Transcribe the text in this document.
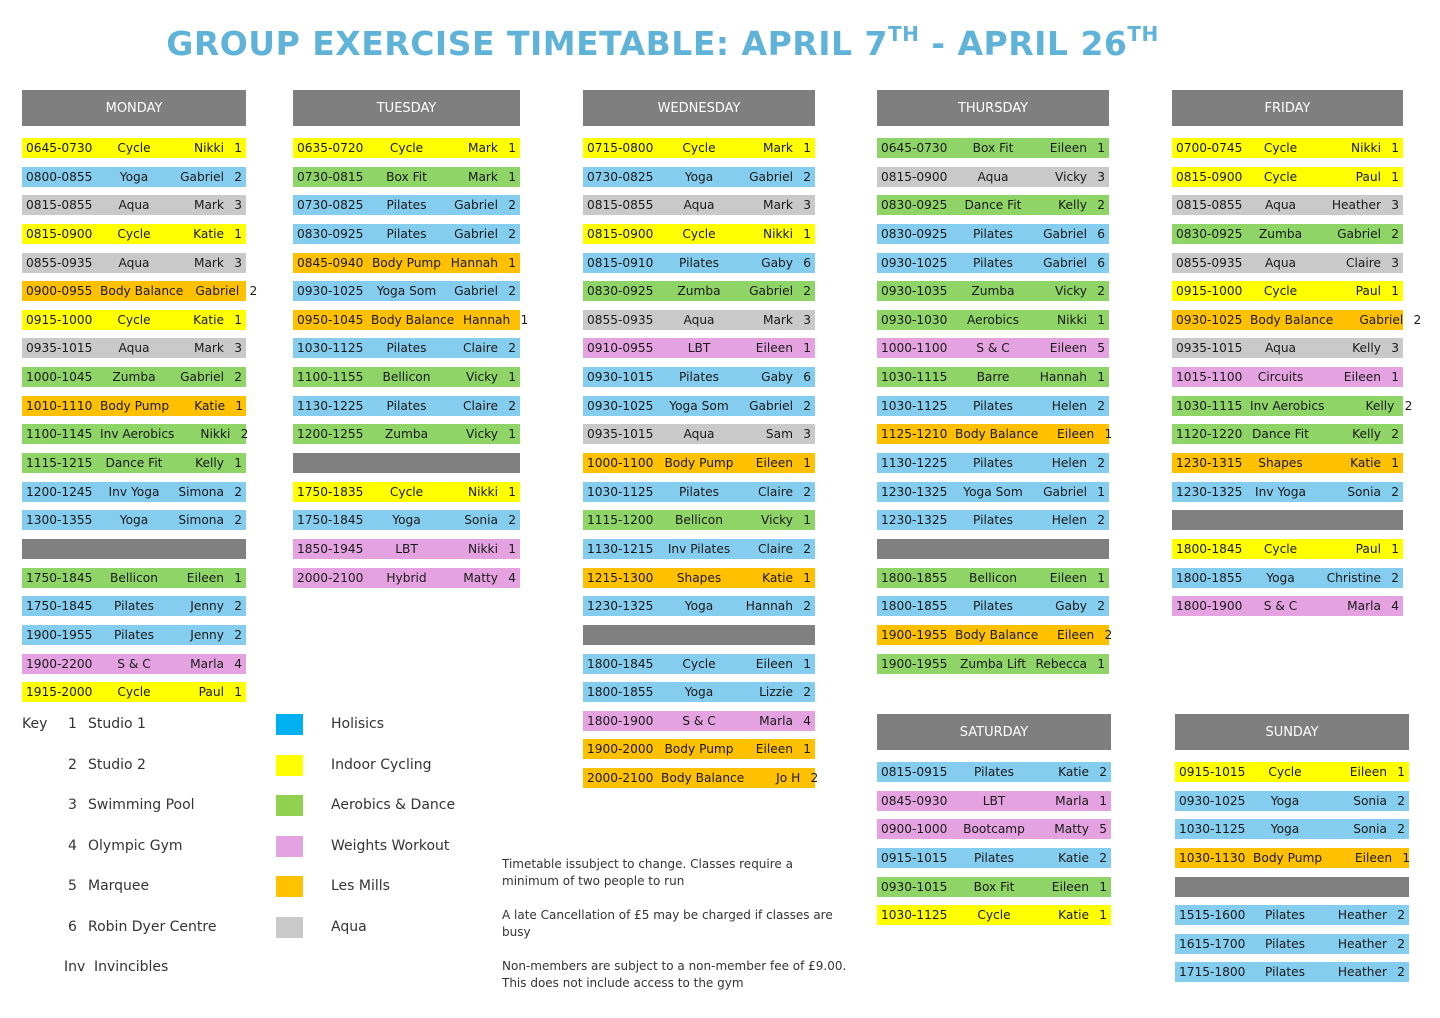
GROUP EXERCISE TIMETABLE: APRIL 7TH - APRIL 26TH
MONDAY
0645-0730	Cycle	Nikki 1
0800-0855	Yoga	Gabriel 2
0815-0855	Aqua	Mark 3
0815-0900	Cycle	Katie 1
0855-0935	Aqua	Mark 3
0900-0955 Body Balance Gabriel 2
0915-1000	Cycle	Katie 1
0935-1015	Aqua	Mark 3
1000-1045	Zumba	Gabriel 2
1010-1110 Body Pump	Katie 1
1100-1145 Inv Aerobics	Nikki 2
1115-1215	Dance Fit	Kelly 1
1200-1245	Inv Yoga	Simona 2
1300-1355	Yoga	Simona 2
1750-1845	Bellicon	Eileen 1
1750-1845	Pilates	Jenny 2
1900-1955	Pilates	Jenny 2
1900-2200	S & C	Marla 4
1915-2000	Cycle	Paul 1
TUESDAY
0635-0720	Cycle	Mark 1
0730-0815	Box Fit	Mark 1
0730-0825	Pilates	Gabriel 2
0830-0925	Pilates	Gabriel 2
0845-0940 Body Pump Hannah 1
0930-1025	Yoga Som	Gabriel 2
0950-1045 Body Balance Hannah 1
1030-1125	Pilates	Claire 2
1100-1155	Bellicon	Vicky 1
1130-1225	Pilates	Claire 2
1200-1255	Zumba	Vicky 1
1750-1835	Cycle	Nikki 1
1750-1845	Yoga	Sonia 2
1850-1945	LBT	Nikki 1
2000-2100	Hybrid	Matty 4
WEDNESDAY
0715-0800	Cycle	Mark 1
0730-0825	Yoga	Gabriel 2
0815-0855	Aqua	Mark 3
0815-0900	Cycle	Nikki 1
0815-0910	Pilates	Gaby 6
0830-0925	Zumba	Gabriel 2
0855-0935	Aqua	Mark 3
0910-0955	LBT	Eileen 1
0930-1015	Pilates	Gaby 6
0930-1025	Yoga Som	Gabriel 2
0935-1015	Aqua	Sam 3
1000-1100 Body Pump	Eileen 1
1030-1125	Pilates	Claire 2
1115-1200	Bellicon	Vicky 1
1130-1215	Inv Pilates	Claire 2
1215-1300	Shapes	Katie 1
1230-1325	Yoga	Hannah 2
1800-1845	Cycle	Eileen 1
1800-1855	Yoga	Lizzie 2
1800-1900	S & C	Marla 4
1900-2000 Body Pump	Eileen 1
2000-2100 Body Balance	Jo H 2
THURSDAY
0645-0730	Box Fit	Eileen 1
0815-0900	Aqua	Vicky 3
0830-0925	Dance Fit	Kelly 2
0830-0925	Pilates	Gabriel 6
0930-1025	Pilates	Gabriel 6
0930-1035	Zumba	Vicky 2
0930-1030	Aerobics	Nikki 1
1000-1100	S & C	Eileen 5
1030-1115	Barre	Hannah 1
1030-1125	Pilates	Helen 2
1125-1210 Body Balance	Eileen 1
1130-1225	Pilates	Helen 2
1230-1325	Yoga Som	Gabriel 1
1230-1325	Pilates	Helen 2
1800-1855	Bellicon	Eileen 1
1800-1855	Pilates	Gaby 2
1900-1955 Body Balance	Eileen 2
1900-1955	Zumba Lift Rebecca 1
FRIDAY
0700-0745	Cycle	Nikki 1
0815-0900	Cycle	Paul 1
0815-0855	Aqua	Heather 3
0830-0925	Zumba	Gabriel 2
0855-0935	Aqua	Claire 3
0915-1000	Cycle	Paul 1
0930-1025 Body Balance	Gabriel 2
0935-1015	Aqua	Kelly 3
1015-1100	Circuits	Eileen 1
1030-1115 Inv Aerobics	Kelly 2
1120-1220 Dance Fit	Kelly 2
1230-1315	Shapes	Katie 1
1230-1325	Inv Yoga	Sonia 2
1800-1845	Cycle	Paul 1
1800-1855	Yoga	Christine 2
1800-1900	S & C	Marla 4
SATURDAY
0815-0915	Pilates	Katie 2
0845-0930	LBT	Marla 1
0900-1000	Bootcamp	Matty 5
0915-1015	Pilates	Katie 2
0930-1015	Box Fit	Eileen 1
1030-1125	Cycle	Katie 1
SUNDAY
0915-1015	Cycle	Eileen 1
0930-1025	Yoga	Sonia 2
1030-1125	Yoga	Sonia 2
1030-1130 Body Pump	Eileen 1
1515-1600	Pilates	Heather 2
1615-1700	Pilates	Heather 2
1715-1800	Pilates	Heather 2
Key 1 Studio 1
2 Studio 2
3 Swimming Pool
4 Olympic Gym
5 Marquee
6 Robin Dyer Centre
Inv Invincibles
Holisics
Indoor Cycling
Aerobics & Dance
Weights Workout
Les Mills
Aqua

Timetable issubject to change. Classes require a minimum of two people to run

A late Cancellation of £5 may be charged if classes are busy

Non-members are subject to a non-member fee of £9.00. This does not include access to the gym
